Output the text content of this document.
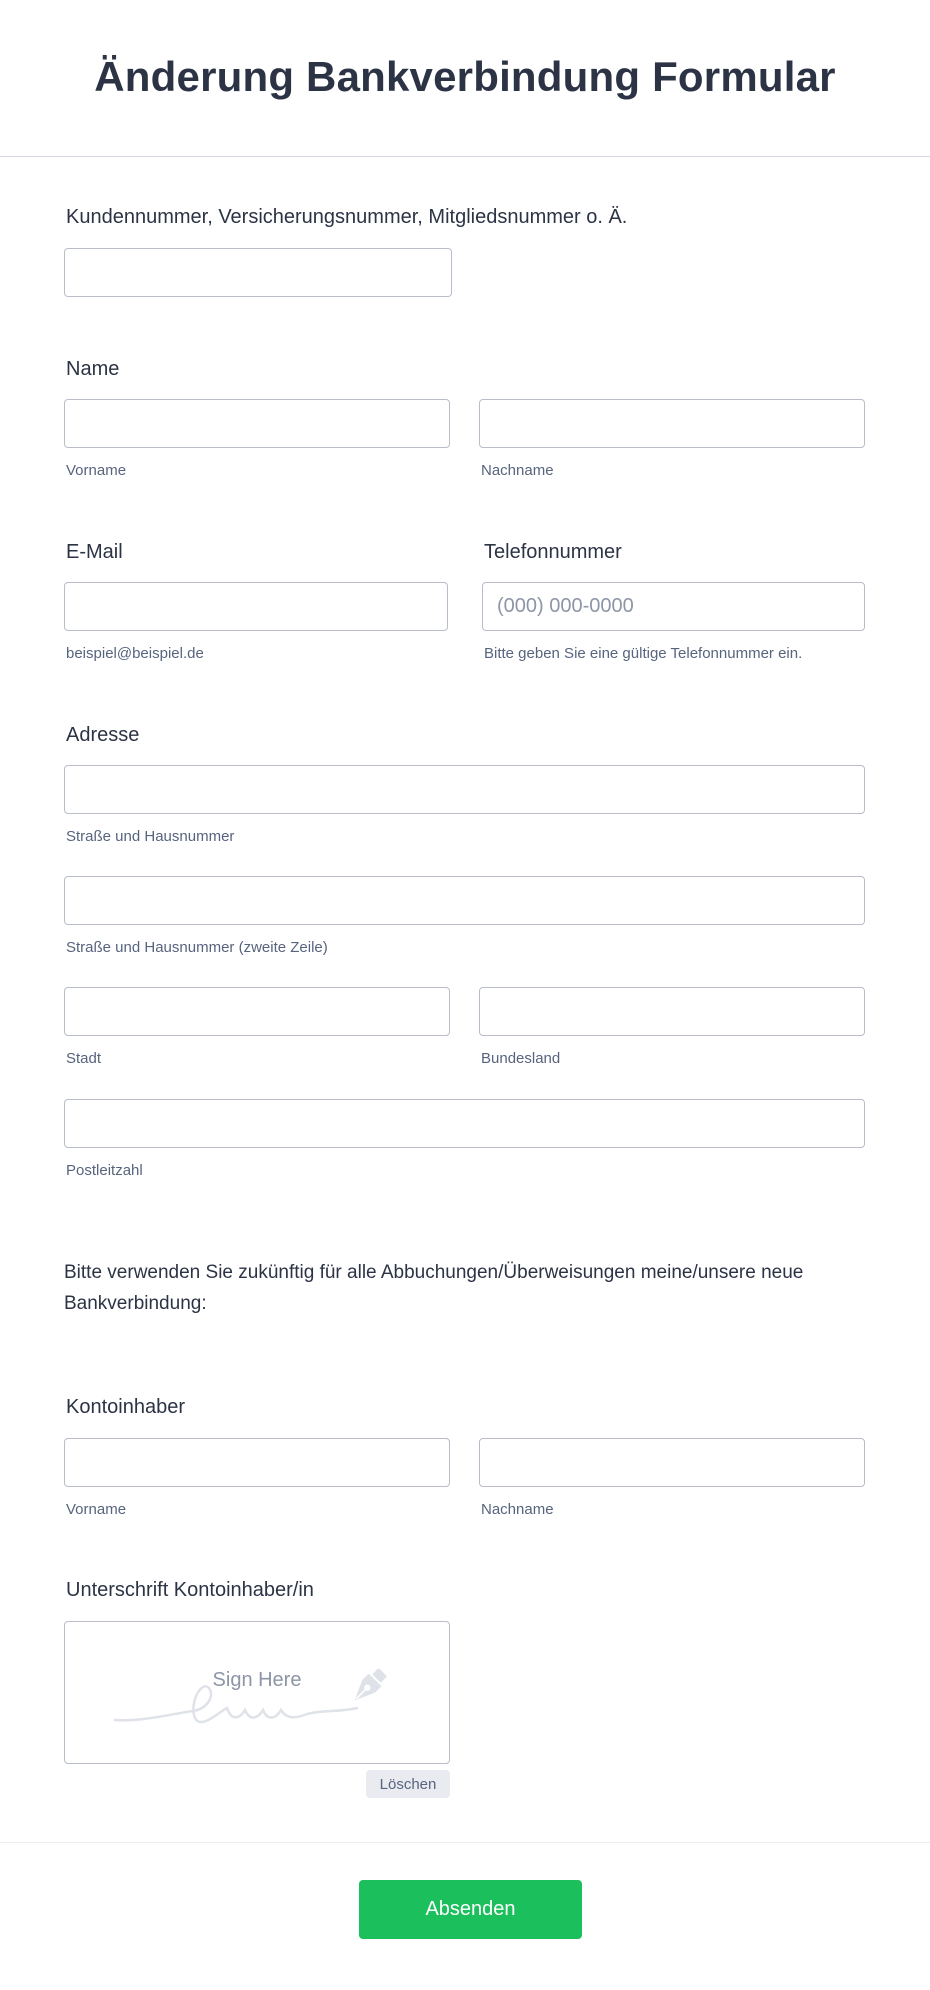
Änderung Bankverbindung Formular
Kundennummer, Versicherungsnummer, Mitgliedsnummer o. Ä.
Name
Vorname	Nachname
E-Mail	Telefonnummer
(000) 000-0000
beispiel@beispiel.de	Bitte geben Sie eine gültige Telefonnummer ein.
Adresse
Straße und Hausnummer
Straße und Hausnummer (zweite Zeile)
Stadt	Bundesland
Postleitzahl
Bitte verwenden Sie zukünftig für alle Abbuchungen/Überweisungen meine/unsere neue Bankverbindung:
Kontoinhaber
Vorname	Nachname
Unterschrift Kontoinhaber/in
Sign Here
Löschen
Absenden
